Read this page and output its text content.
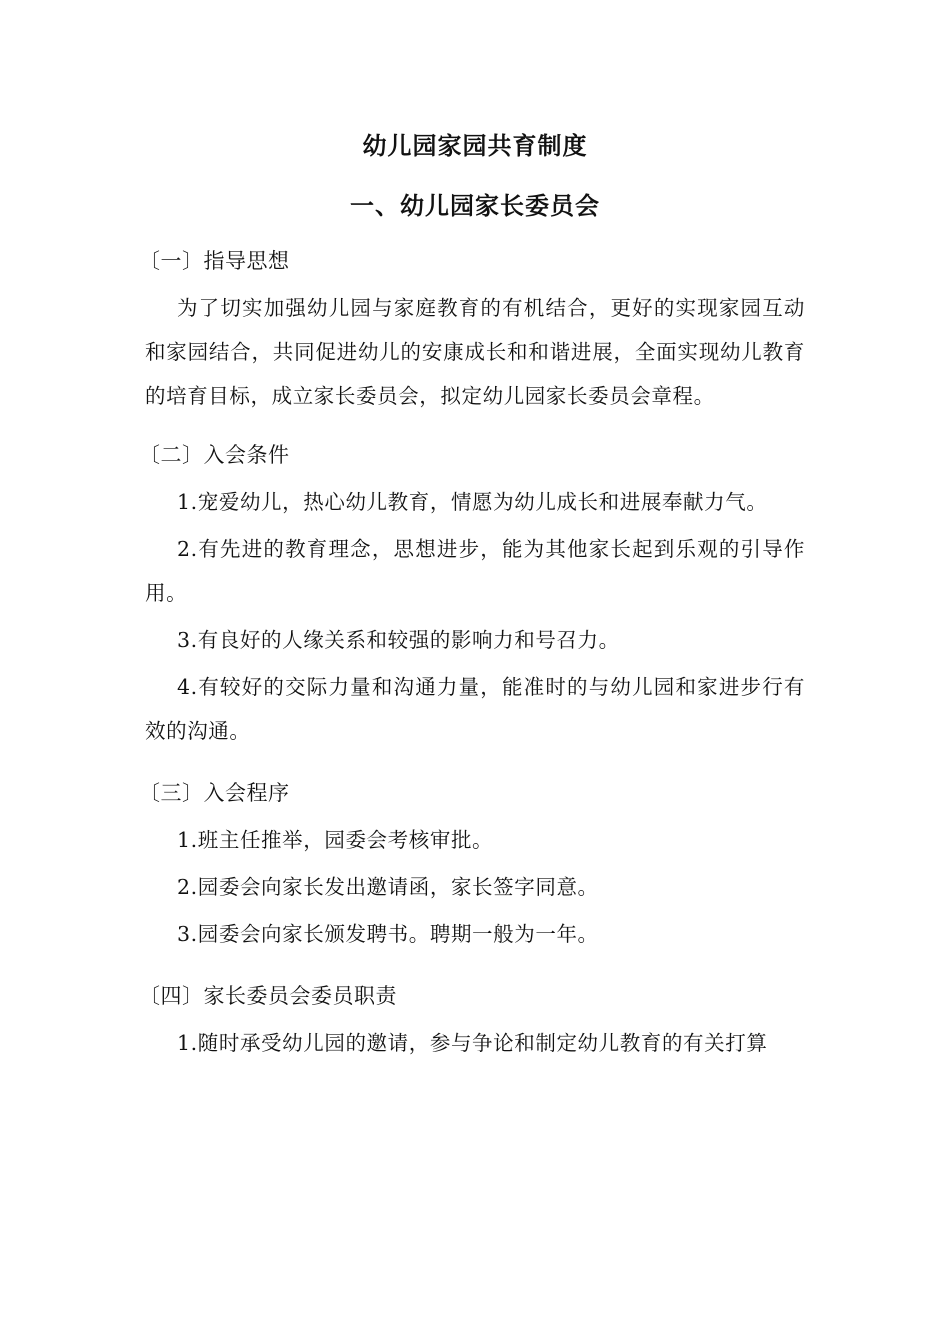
幼儿园家园共育制度
一、幼儿园家长委员会
〔一〕指导思想

为了切实加强幼儿园与家庭教育的有机结合，更好的实现家园互动和家园结合，共同促进幼儿的安康成长和和谐进展，全面实现幼儿教育的培育目标，成立家长委员会，拟定幼儿园家长委员会章程。

〔二〕入会条件

1.宠爱幼儿，热心幼儿教育，情愿为幼儿成长和进展奉献力气。

2.有先进的教育理念，思想进步，能为其他家长起到乐观的引导作用。

3.有良好的人缘关系和较强的影响力和号召力。

4.有较好的交际力量和沟通力量，能准时的与幼儿园和家进步行有效的沟通。

〔三〕入会程序

1.班主任推举，园委会考核审批。

2.园委会向家长发出邀请函，家长签字同意。

3.园委会向家长颁发聘书。聘期一般为一年。

〔四〕家长委员会委员职责

1.随时承受幼儿园的邀请，参与争论和制定幼儿教育的有关打算
